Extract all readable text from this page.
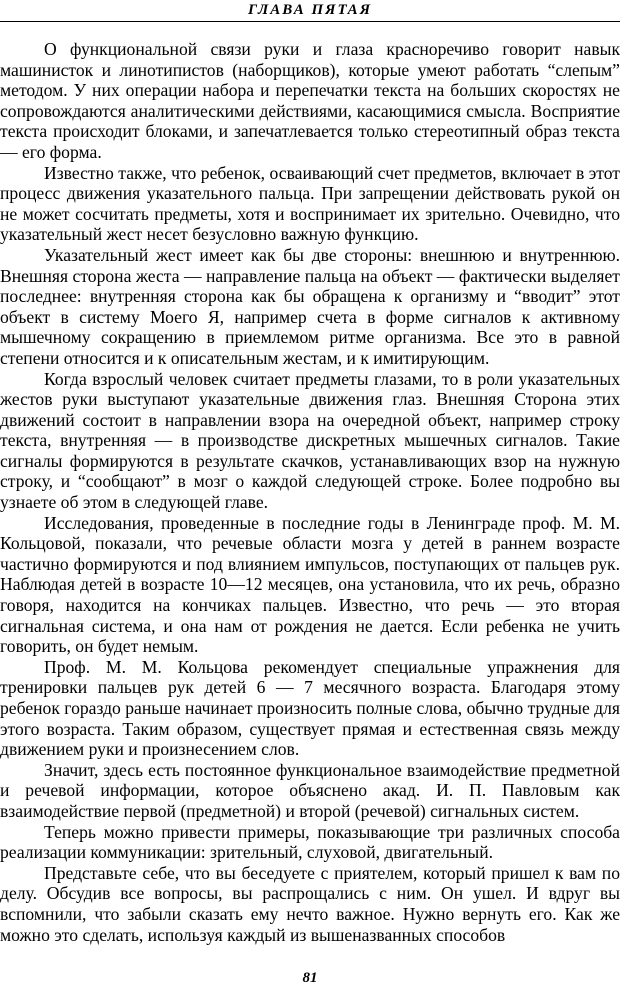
ГЛАВА ПЯТАЯ

О функциональной связи руки и глаза красноречиво говорит навык машинисток и линотипистов (наборщиков), которые умеют работать “слепым” методом. У них операции набора и перепечатки текста на больших скоростях не сопровождаются аналитическими действиями, касающимися смысла. Восприятие текста происходит блоками, и запечатлевается только стереотипный образ текста — его форма.

Известно также, что ребенок, осваивающий счет предметов, включает в этот процесс движения указательного пальца. При запрещении действовать рукой он не может сосчитать предметы, хотя и воспринимает их зрительно. Очевидно, что указательный жест несет безусловно важную функцию.

Указательный жест имеет как бы две стороны: внешнюю и внутреннюю. Внешняя сторона жеста — направление пальца на объект — фактически выделяет последнее: внутренняя сторона как бы обращена к организму и “вводит” этот объект в систему Моего Я, например счета в форме сигналов к активному мышечному сокращению в приемлемом ритме организма. Все это в равной степени относится и к описательным жестам, и к имитирующим.

Когда взрослый человек считает предметы глазами, то в роли указательных жестов руки выступают указательные движения глаз. Внешняя Сторона этих движений состоит в направлении взора на очередной объект, например строку текста, внутренняя — в производстве дискретных мышечных сигналов. Такие сигналы формируются в результате скачков, устанавливающих взор на нужную строку, и “сообщают” в мозг о каждой следующей строке. Более подробно вы узнаете об этом в следующей главе.

Исследования, проведенные в последние годы в Ленинграде проф. М. М. Кольцовой, показали, что речевые области мозга у детей в раннем возрасте частично формируются и под влиянием импульсов, поступающих от пальцев рук. Наблюдая детей в возрасте 10—12 месяцев, она установила, что их речь, образно говоря, находится на кончиках пальцев. Известно, что речь — это вторая сигнальная система, и она нам от рождения не дается. Если ребенка не учить говорить, он будет немым.

Проф. М. М. Кольцова рекомендует специальные упражнения для тренировки пальцев рук детей 6 — 7 месячного возраста. Благодаря этому ребенок гораздо раньше начинает произносить полные слова, обычно трудные для этого возраста. Таким образом, существует прямая и естественная связь между движением руки и произнесением слов.

Значит, здесь есть постоянное функциональное взаимодействие предметной и речевой информации, которое объяснено акад. И. П. Павловым как взаимодействие первой (предметной) и второй (речевой) сигнальных систем.

Теперь можно привести примеры, показывающие три различных способа реализации коммуникации: зрительный, слуховой, двигательный.

Представьте себе, что вы беседуете с приятелем, который пришел к вам по делу. Обсудив все вопросы, вы распрощались с ним. Он ушел. И вдруг вы вспомнили, что забыли сказать ему нечто важное. Нужно вернуть его. Как же можно это сделать, используя каждый из вышеназванных способов

81
